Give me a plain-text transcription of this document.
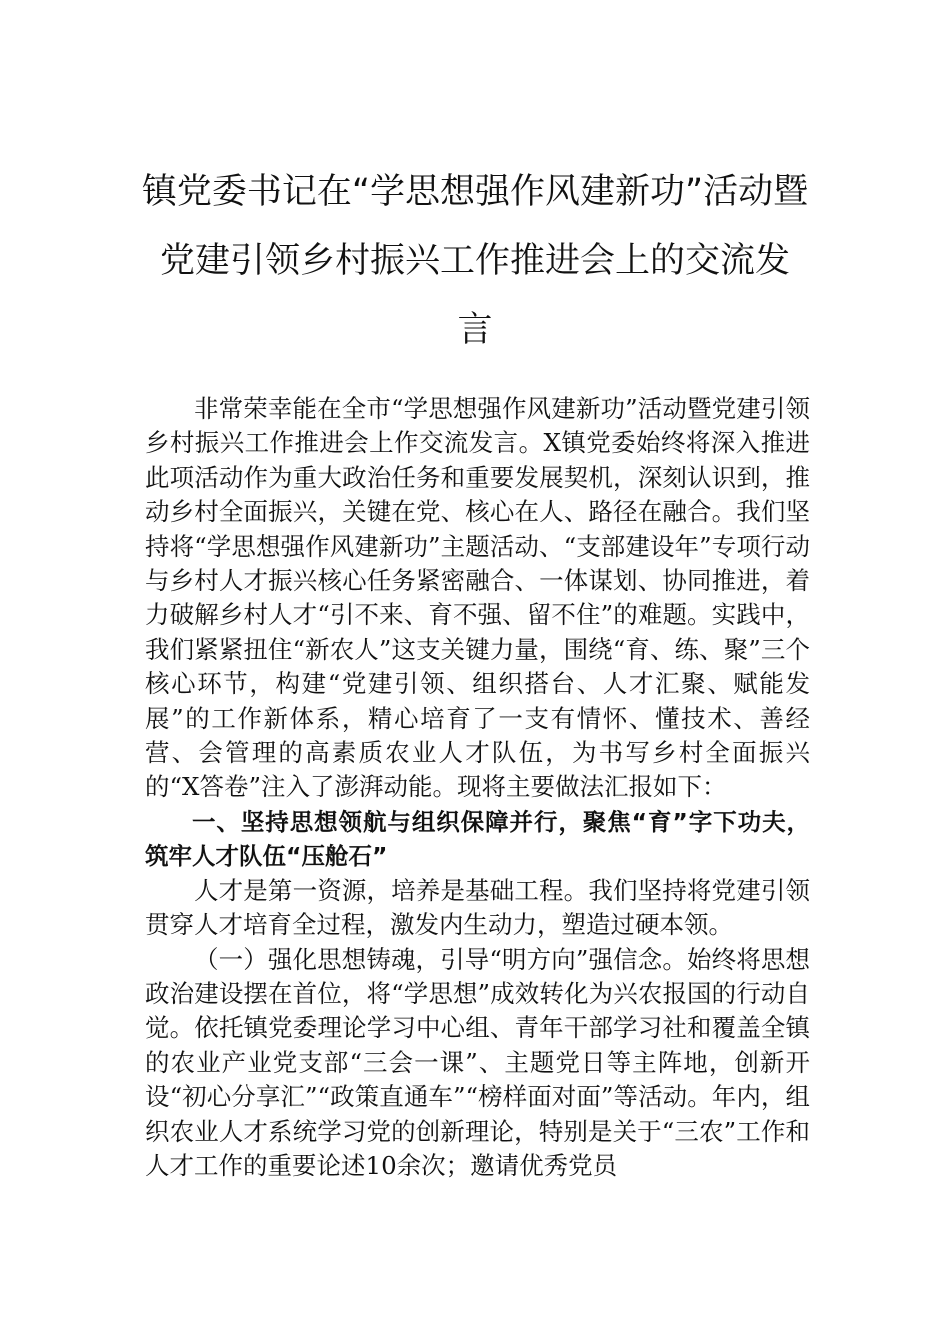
镇党委书记在“学思想强作风建新功”活动暨
党建引领乡村振兴工作推进会上的交流发
言

非常荣幸能在全市“学思想强作风建新功”活动暨党建引领乡村振兴工作推进会上作交流发言。X镇党委始终将深入推进此项活动作为重大政治任务和重要发展契机，深刻认识到，推动乡村全面振兴，关键在党、核心在人、路径在融合。我们坚持将“学思想强作风建新功”主题活动、“支部建设年”专项行动与乡村人才振兴核心任务紧密融合、一体谋划、协同推进，着力破解乡村人才“引不来、育不强、留不住”的难题。实践中，我们紧紧扭住“新农人”这支关键力量，围绕“育、练、聚”三个核心环节，构建“党建引领、组织搭台、人才汇聚、赋能发展”的工作新体系，精心培育了一支有情怀、懂技术、善经营、会管理的高素质农业人才队伍，为书写乡村全面振兴的“X答卷”注入了澎湃动能。现将主要做法汇报如下：

一、坚持思想领航与组织保障并行，聚焦“育”字下功夫，筑牢人才队伍“压舱石”

人才是第一资源，培养是基础工程。我们坚持将党建引领贯穿人才培育全过程，激发内生动力，塑造过硬本领。

（一）强化思想铸魂，引导“明方向”强信念。始终将思想政治建设摆在首位，将“学思想”成效转化为兴农报国的行动自觉。依托镇党委理论学习中心组、青年干部学习社和覆盖全镇的农业产业党支部“三会一课”、主题党日等主阵地，创新开设“初心分享汇”“政策直通车”“榜样面对面”等活动。年内，组织农业人才系统学习党的创新理论，特别是关于“三农”工作和人才工作的重要论述10余次；邀请优秀党员
